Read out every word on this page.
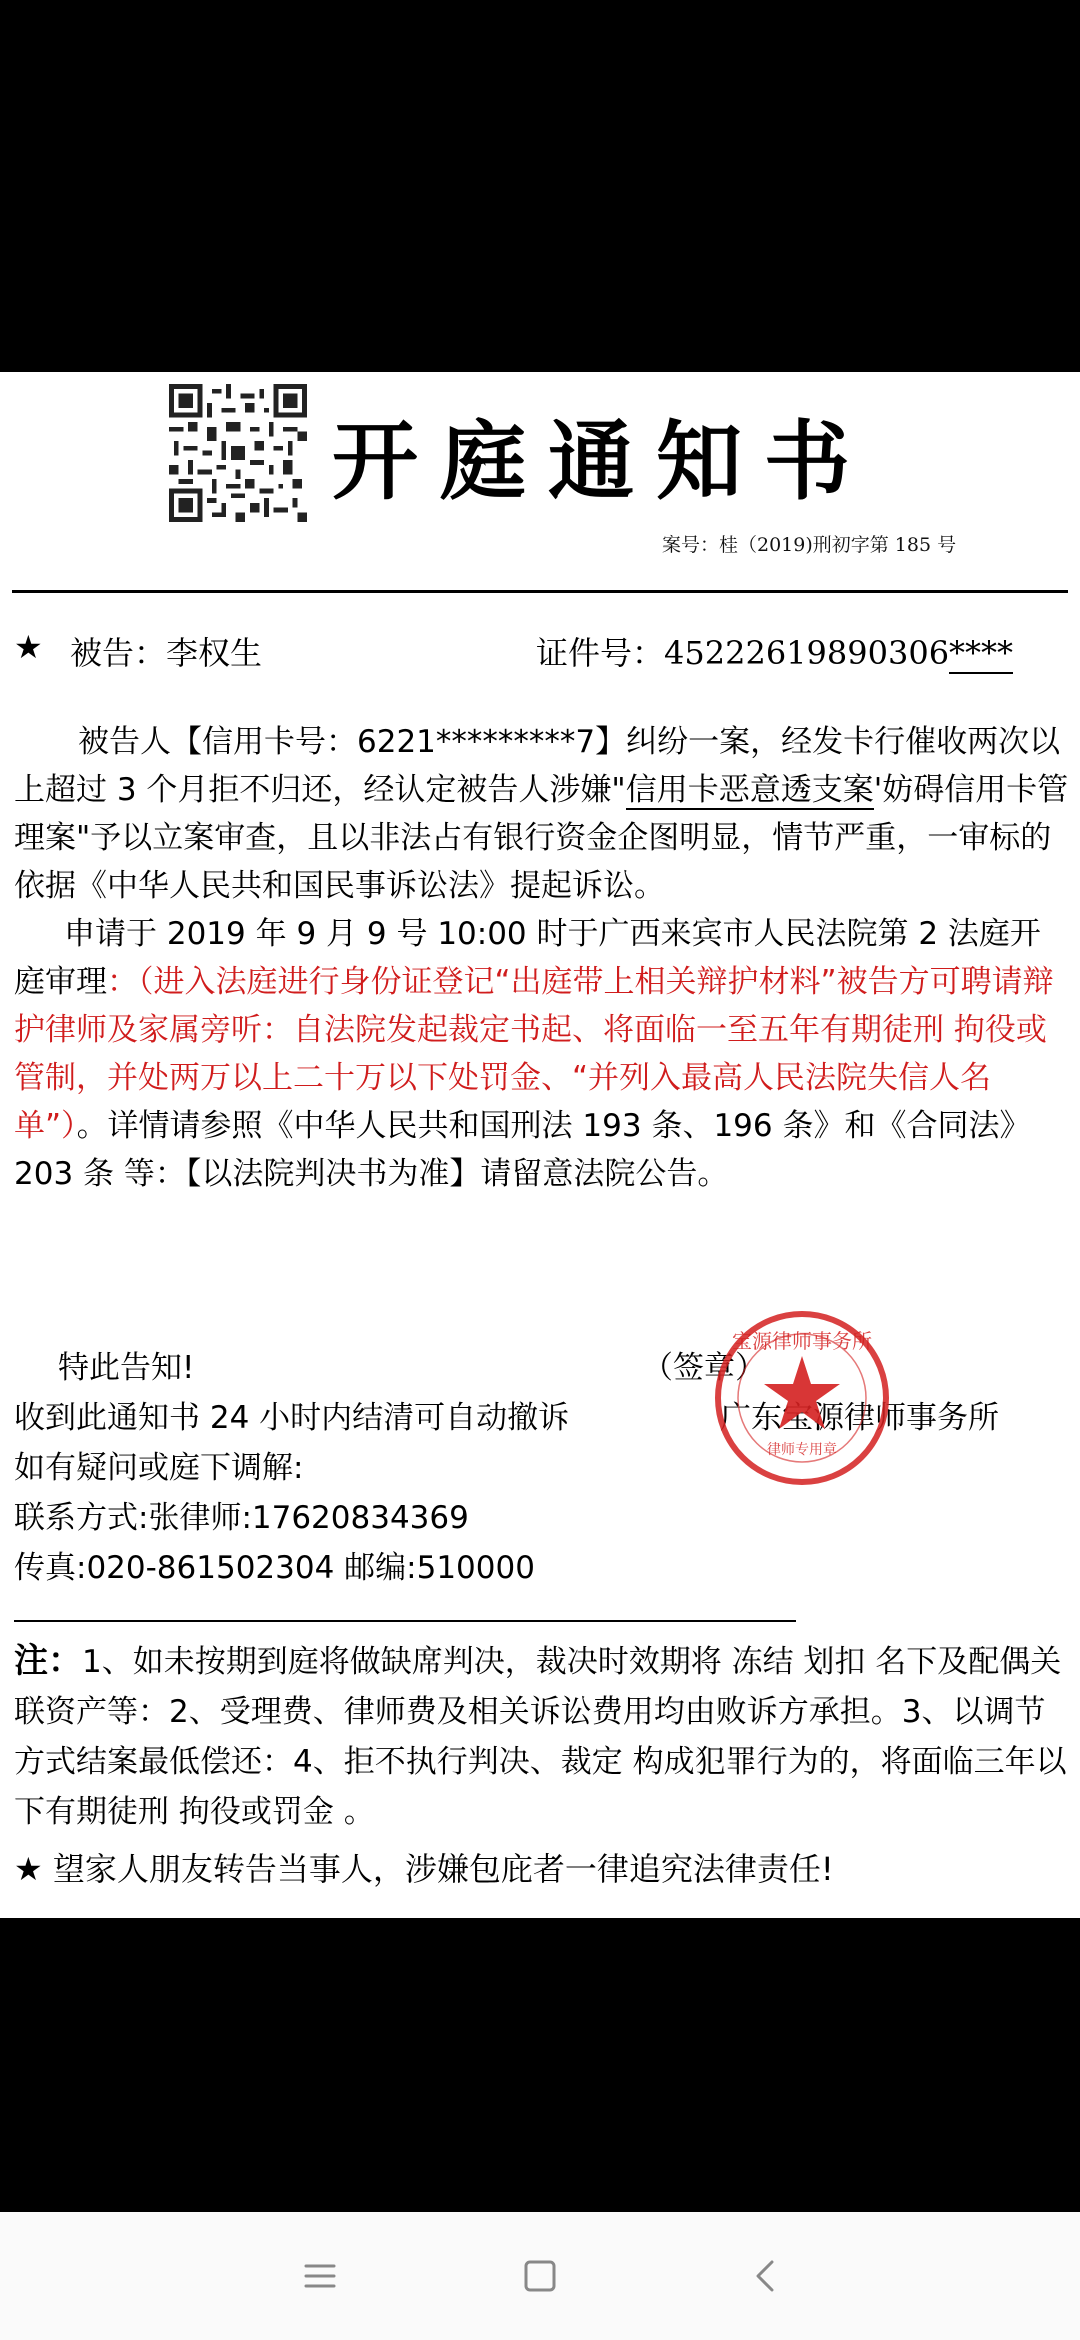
开庭通知书
案号：桂（2019)刑初字第 185 号
★ 被告：李权生	证件号：45222619890306****

被告人【信用卡号：6221*********7】纠纷一案，经发卡行催收两次以上超过 3 个月拒不归还，经认定被告人涉嫌"信用卡恶意透支案'妨碍信用卡管理案"予以立案审查，且以非法占有银行资金企图明显，情节严重，一审标的依据《中华人民共和国民事诉讼法》提起诉讼。

申请于 2019 年 9 月 9 号 10:00 时于广西来宾市人民法院第 2 法庭开庭审理：（进入法庭进行身份证登记“出庭带上相关辩护材料”被告方可聘请辩护律师及家属旁听：自法院发起裁定书起、将面临一至五年有期徒刑 拘役或管制，并处两万以上二十万以下处罚金、“并列入最高人民法院失信人名单”）。详情请参照《中华人民共和国刑法 193 条、196 条》和《合同法》203 条 等：【以法院判决书为准】请留意法院公告。

特此告知!	（签章）
收到此通知书 24 小时内结清可自动撤诉	广东宝源律师事务所
如有疑问或庭下调解:
联系方式:张律师:17620834369
传真:020-861502304 邮编:510000
宝源律师事务所
律师专用章
注：1、如未按期到庭将做缺席判决，裁决时效期将 冻结 划扣 名下及配偶关联资产等：2、受理费、律师费及相关诉讼费用均由败诉方承担。3、以调节方式结案最低偿还：4、拒不执行判决、裁定 构成犯罪行为的，将面临三年以下有期徒刑 拘役或罚金 。
★ 望家人朋友转告当事人，涉嫌包庇者一律追究法律责任!
